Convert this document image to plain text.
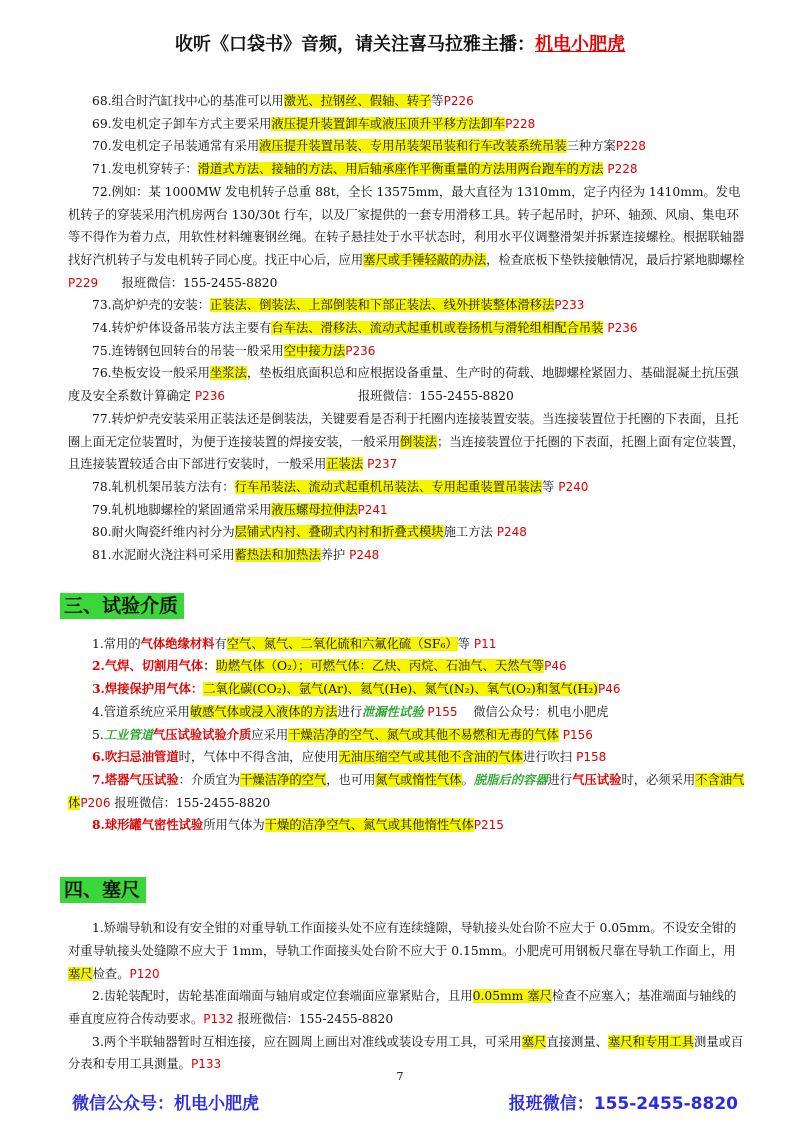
收听《口袋书》音频，请关注喜马拉雅主播：机电小肥虎

68.组合时汽缸找中心的基准可以用激光、拉钢丝、假轴、转子等P226

69.发电机定子卸车方式主要采用液压提升装置卸车或液压顶升平移方法卸车P228

70.发电机定子吊装通常有采用液压提升装置吊装、专用吊装架吊装和行车改装系统吊装三种方案P228

71.发电机穿转子：滑道式方法、接轴的方法、用后轴承座作平衡重量的方法用两台跑车的方法 P228

72.例如：某 1000MW 发电机转子总重 88t，全长 13575mm，最大直径为 1310mm，定子内径为 1410mm。发电机转子的穿装采用汽机房两台 130/30t 行车，以及厂家提供的一套专用滑移工具。转子起吊时，护环、轴颈、风扇、集电环等不得作为着力点，用软性材料缠裹钢丝绳。在转子悬挂处于水平状态时，利用水平仪调整滑架并拆紧连接螺栓。根据联轴器找好汽机转子与发电机转子同心度。找正中心后，应用塞尺或手锤轻敲的办法，检查底板下垫铁接触情况，最后拧紧地脚螺栓 P229 报班微信：155-2455-8820

73.高炉炉壳的安装：正装法、倒装法、上部倒装和下部正装法、线外拼装整体滑移法P233

74.转炉炉体设备吊装方法主要有台车法、滑移法、流动式起重机或卷扬机与滑轮组相配合吊装 P236

75.连铸钢包回转台的吊装一般采用空中接力法P236

76.垫板安设一般采用坐浆法，垫板组底面积总和应根据设备重量、生产时的荷载、地脚螺栓紧固力、基础混凝土抗压强度及安全系数计算确定 P236	报班微信：155-2455-8820

77.转炉炉壳安装采用正装法还是倒装法，关键要看是否利于托圈内连接装置安装。当连接装置位于托圈的下表面，且托圈上面无定位装置时，为便于连接装置的焊接安装，一般采用倒装法；当连接装置位于托圈的下表面，托圈上面有定位装置，且连接装置较适合由下部进行安装时，一般采用正装法 P237

78.轧机机架吊装方法有：行车吊装法、流动式起重机吊装法、专用起重装置吊装法等 P240

79.轧机地脚螺栓的紧固通常采用液压螺母拉伸法P241

80.耐火陶瓷纤维内衬分为层铺式内衬、叠砌式内衬和折叠式模块施工方法 P248

81.水泥耐火浇注料可采用蓄热法和加热法养护 P248

三、试验介质

1.常用的气体绝缘材料有空气、氮气、二氧化硫和六氟化硫（SF₆）等 P11

2.气焊、切割用气体：助燃气体（O₂）；可燃气体：乙炔、丙烷、石油气、天然气等P46

3.焊接保护用气体：二氧化碳(CO₂)、氩气(Ar)、氦气(He)、氮气(N₂)、氧气(O₂)和氢气(H₂)P46

4.管道系统应采用敏感气体或浸入液体的方法进行泄漏性试验 P155 微信公众号：机电小肥虎

5.工业管道气压试验试验介质应采用干燥洁净的空气、氮气或其他不易燃和无毒的气体 P156

6.吹扫忌油管道时，气体中不得含油，应使用无油压缩空气或其他不含油的气体进行吹扫 P158

7.塔器气压试验：介质宜为干燥洁净的空气，也可用氮气或惰性气体。脱脂后的容器进行气压试验时，必须采用不含油气体P206 报班微信：155-2455-8820

8.球形罐气密性试验所用气体为干燥的洁净空气、氮气或其他惰性气体P215

四、塞尺

1.矫端导轨和设有安全钳的对重导轨工作面接头处不应有连续缝隙，导轨接头处台阶不应大于 0.05mm。不设安全钳的对重导轨接头处缝隙不应大于 1mm，导轨工作面接头处台阶不应大于 0.15mm。小肥虎可用钢板尺靠在导轨工作面上，用塞尺检查。P120

2.齿轮装配时，齿轮基准面端面与轴肩或定位套端面应靠紧贴合，且用0.05mm 塞尺检查不应塞入；基准端面与轴线的垂直度应符合传动要求。P132 报班微信：155-2455-8820

3.两个半联轴器暂时互相连接，应在圆周上画出对准线或装设专用工具，可采用塞尺直接测量、塞尺和专用工具测量或百分表和专用工具测量。P133

7
微信公众号：机电小肥虎	报班微信：155-2455-8820
